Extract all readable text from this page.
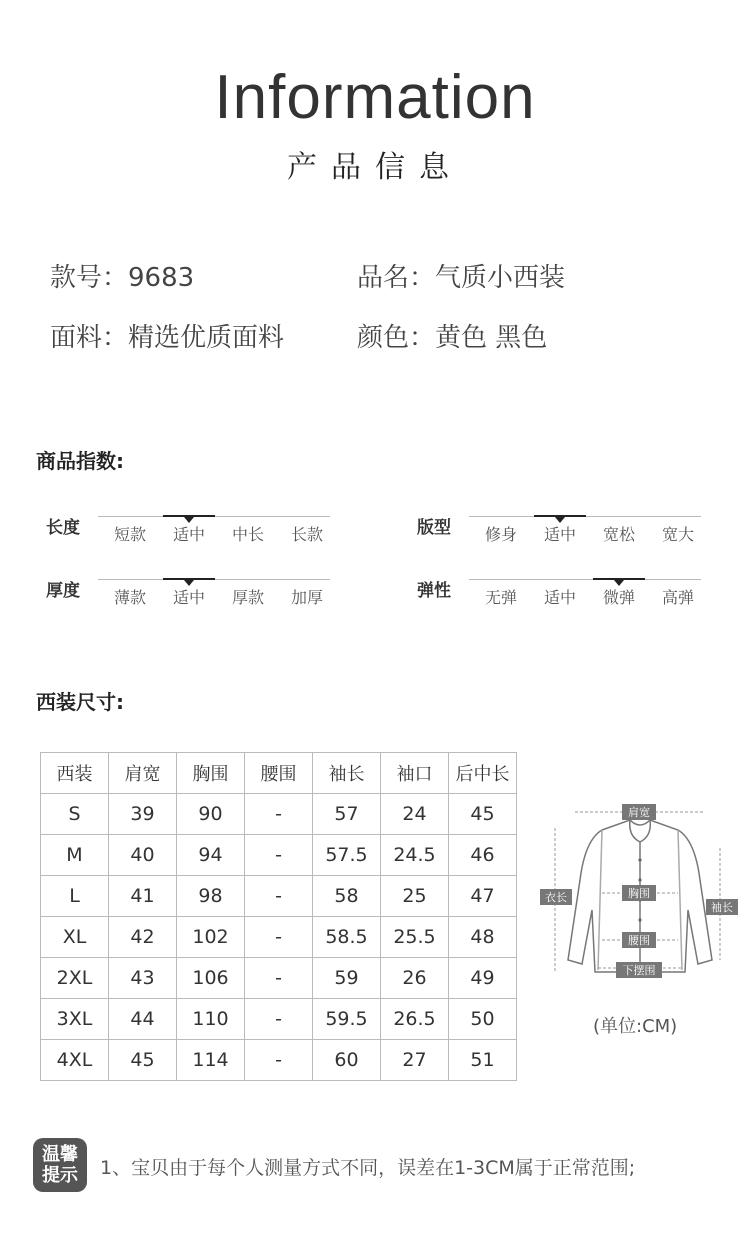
Information
产品信息
款号：9683	品名：气质小西装
面料：精选优质面料	颜色：黄色 黑色
商品指数:
长度	短款	适中	中长	长款	版型	修身	适中	宽松	宽大
厚度	薄款	适中	厚款	加厚	弹性	无弹	适中	微弹	高弹
西装尺寸:
西装	肩宽	胸围	腰围	袖长	袖口	后中长
S	39	90	-	57	24	45
M	40	94	-	57.5	24.5	46
L	41	98	-	58	25	47
XL	42	102	-	58.5	25.5	48
2XL	43	106	-	59	26	49
3XL	44	110	-	59.5	26.5	50
4XL	45	114	-	60	27	51
肩宽
胸围
腰围
下摆围
衣长
袖长
(单位:CM)
温馨
提示	1、宝贝由于每个人测量方式不同，误差在1-3CM属于正常范围;
